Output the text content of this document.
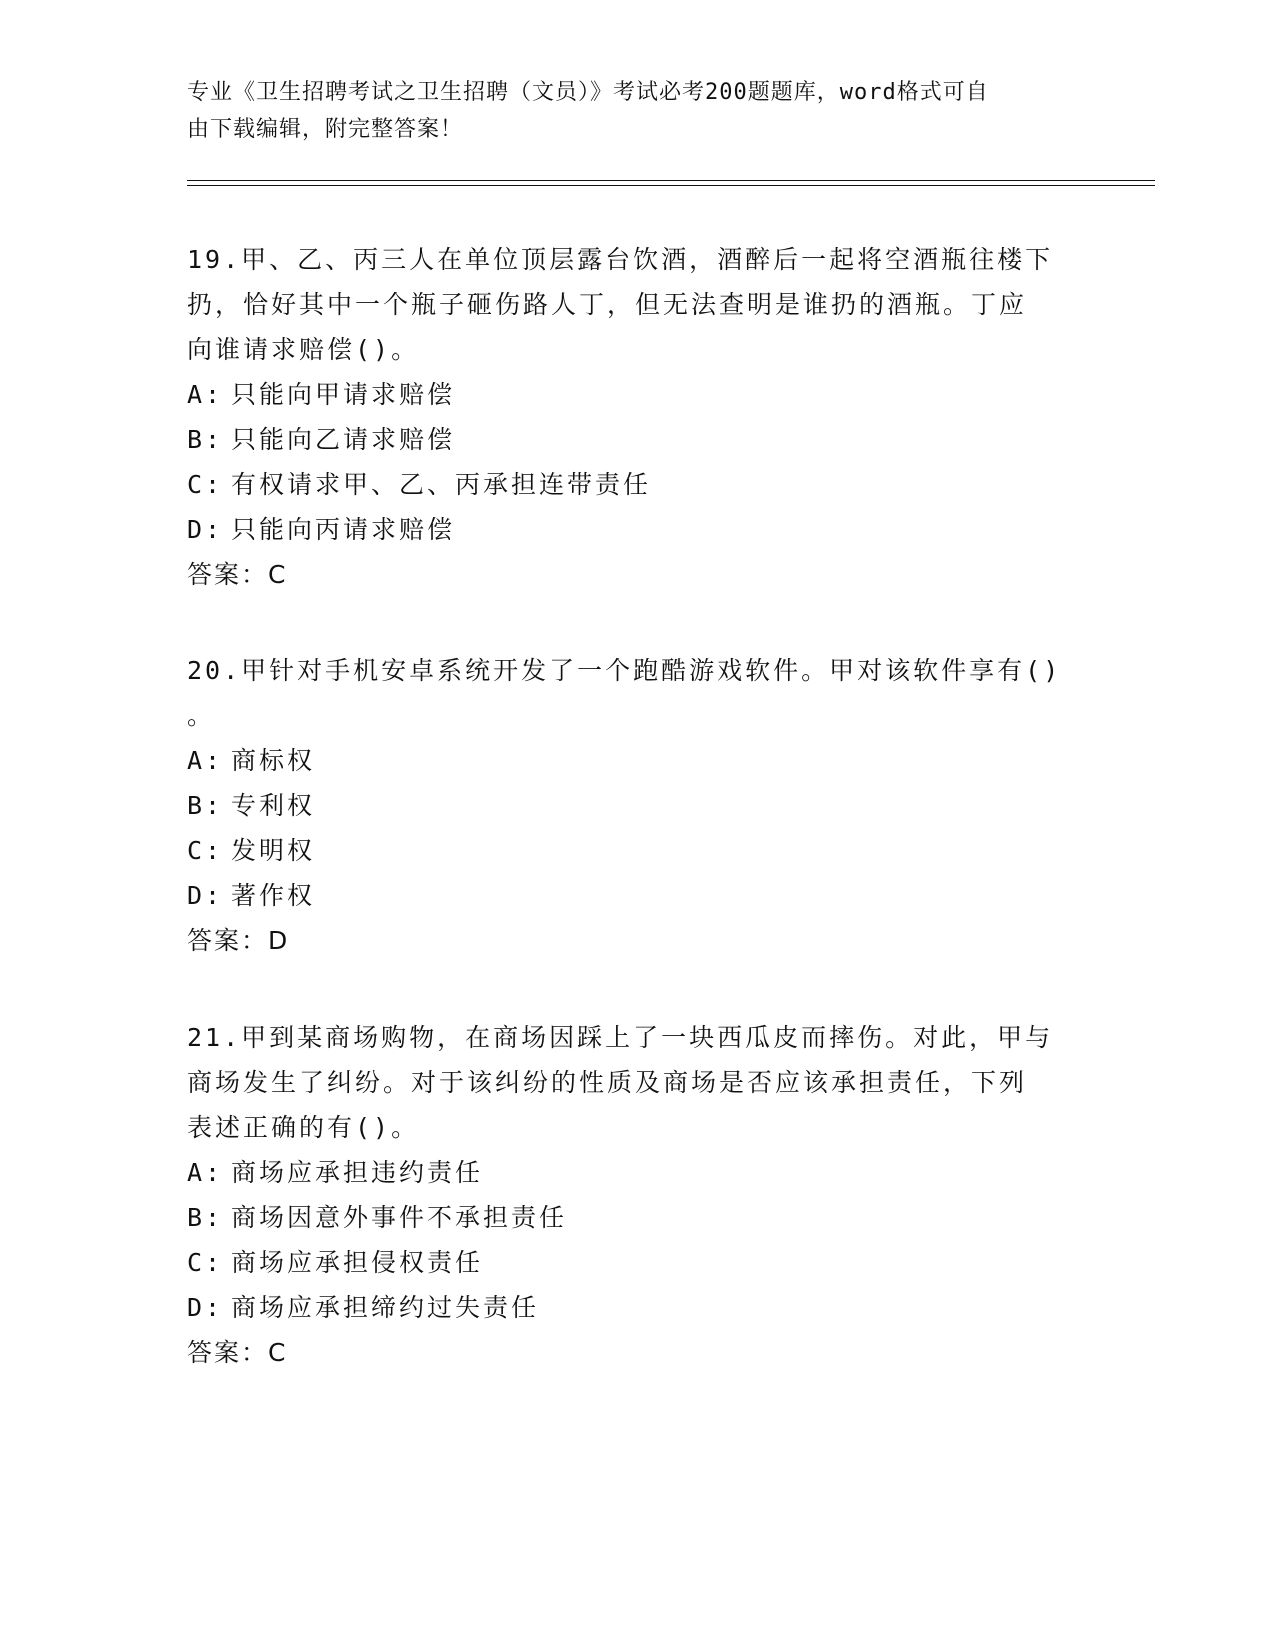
专业《卫生招聘考试之卫生招聘（文员）》考试必考200题题库，word格式可自
由下载编辑，附完整答案！
19.甲、乙、丙三人在单位顶层露台饮酒，酒醉后一起将空酒瓶往楼下
扔，恰好其中一个瓶子砸伤路人丁，但无法查明是谁扔的酒瓶。丁应
向谁请求赔偿()。
A: 只能向甲请求赔偿
B: 只能向乙请求赔偿
C: 有权请求甲、乙、丙承担连带责任
D: 只能向丙请求赔偿
答案：C
20.甲针对手机安卓系统开发了一个跑酷游戏软件。甲对该软件享有()
。
A: 商标权
B: 专利权
C: 发明权
D: 著作权
答案：D
21.甲到某商场购物，在商场因踩上了一块西瓜皮而摔伤。对此，甲与
商场发生了纠纷。对于该纠纷的性质及商场是否应该承担责任，下列
表述正确的有()。
A: 商场应承担违约责任
B: 商场因意外事件不承担责任
C: 商场应承担侵权责任
D: 商场应承担缔约过失责任
答案：C
